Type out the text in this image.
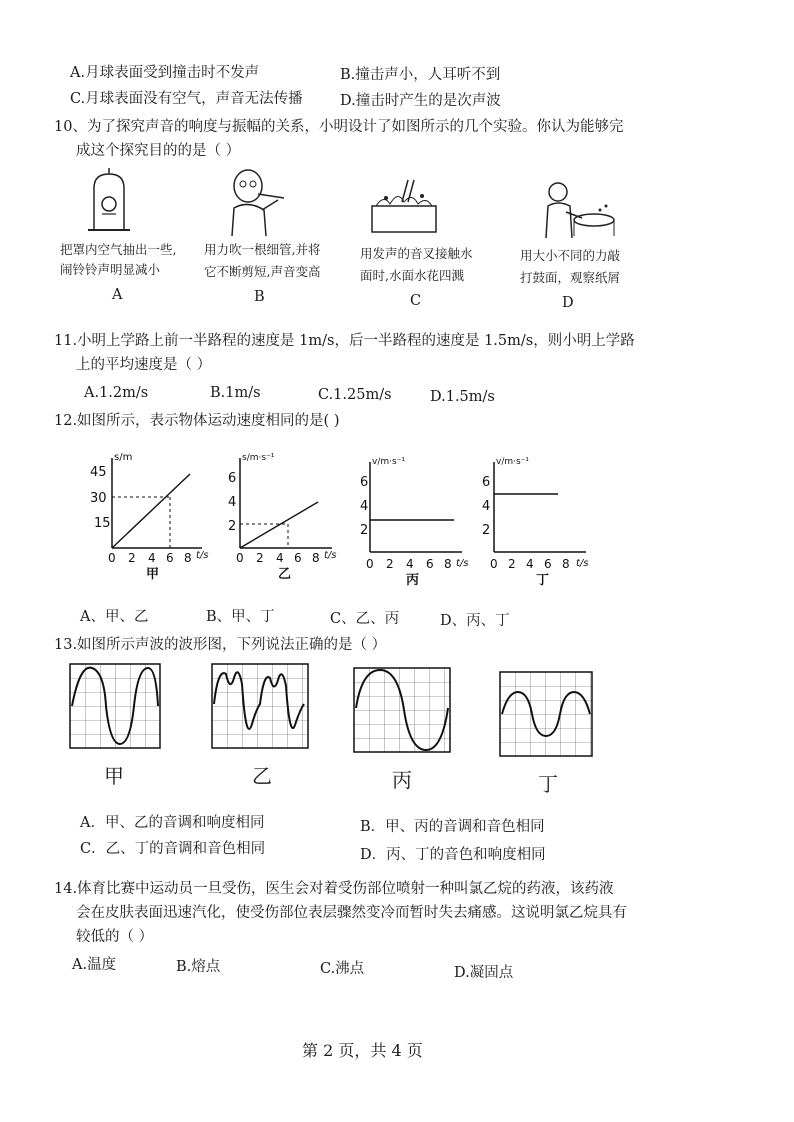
A.月球表面受到撞击时不发声	B.撞击声小，人耳听不到
C.月球表面没有空气，声音无法传播	D.撞击时产生的是次声波
10、为了探究声音的响度与振幅的关系，小明设计了如图所示的几个实验。你认为能够完
成这个探究目的的是（ ）
把罩内空气抽出一些,
闹铃铃声明显减小
A
用力吹一根细管,并将
它不断剪短,声音变高
B
用发声的音叉接触水
面时,水面水花四溅
C
用大小不同的力敲
打鼓面，观察纸屑
D
11.小明上学路上前一半路程的速度是 1m/s，后一半路程的速度是 1.5m/s，则小明上学路
上的平均速度是（ ）
A.1.2m/s	B.1m/s	C.1.25m/s	D.1.5m/s
12.如图所示，表示物体运动速度相同的是( )
s/m
45
30
15
0 2 4 6 8 t/s
甲
s/m·s⁻¹
6
4
2
0 2 4 6 8 t/s
乙
v/m·s⁻¹
6
4
2
0 2 4 6 8 t/s
丙
v/m·s⁻¹
6
4
2
0 2 4 6 8 t/s
丁
A、甲、乙	B、甲、丁	C、乙、丙	D、丙、丁
13.如图所示声波的波形图，下列说法正确的是（ ）
甲	乙	丙	丁
A．甲、乙的音调和响度相同	B．甲、丙的音调和音色相同
C．乙、丁的音调和音色相同	D．丙、丁的音色和响度相同
14.体育比赛中运动员一旦受伤，医生会对着受伤部位喷射一种叫氯乙烷的药液，该药液
会在皮肤表面迅速汽化，使受伤部位表层骤然变冷而暂时失去痛感。这说明氯乙烷具有
较低的（ ）
A.温度	B.熔点	C.沸点	D.凝固点
第 2 页，共 4 页
